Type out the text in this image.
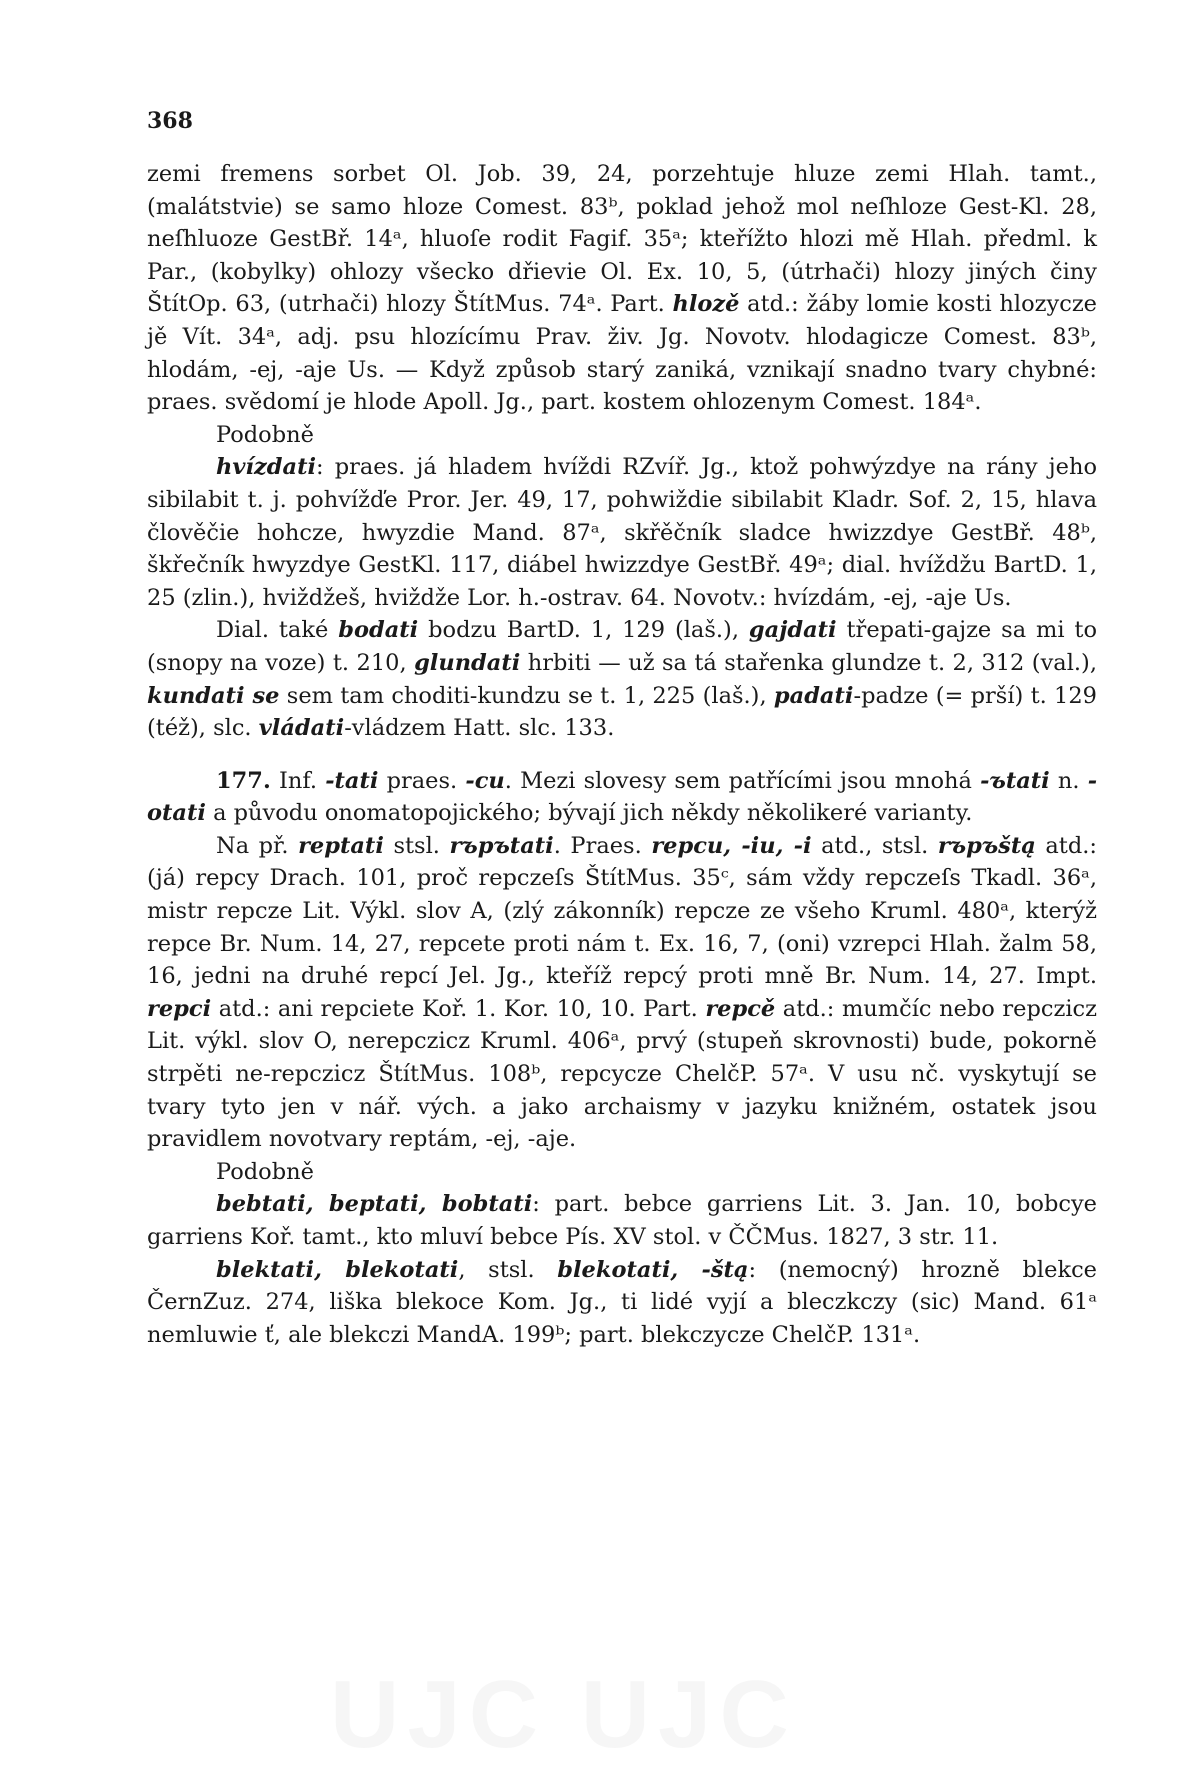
368

zemi fremens sorbet Ol. Job. 39, 24, porzehtuje hluze zemi Hlah. tamt., (malátstvie) se samo hloze Comest. 83ᵇ, poklad jehož mol neſhloze Gest-Kl. 28, neſhluoze GestBř. 14ᵃ, hluoſe rodit Fagif. 35ᵃ; kteřížto hlozi mě Hlah. předml. k Par., (kobylky) ohlozy všecko dřievie Ol. Ex. 10, 5, (útrhači) hlozy jiných činy ŠtítOp. 63, (utrhači) hlozy ŠtítMus. 74ᵃ. Part. hlozě atd.: žáby lomie kosti hlozycze jě Vít. 34ᵃ, adj. psu hlozícímu Prav. živ. Jg. Novotv. hlodagicze Comest. 83ᵇ, hlodám, -ej, -aje Us. — Když způsob starý zaniká, vznikají snadno tvary chybné: praes. svědomí je hlode Apoll. Jg., part. kostem ohlozenym Comest. 184ᵃ.

Podobně

hvízdati: praes. já hladem hvíždi RZvíř. Jg., ktož pohwýzdye na rány jeho sibilabit t. j. pohvížďe Pror. Jer. 49, 17, pohwiždie sibilabit Kladr. Sof. 2, 15, hlava člověčie hohcze, hwyzdie Mand. 87ᵃ, skřěčník sladce hwizzdye GestBř. 48ᵇ, škřečník hwyzdye GestKl. 117, diábel hwizzdye GestBř. 49ᵃ; dial. hvíždžu BartD. 1, 25 (zlin.), hviždžeš, hviždže Lor. h.-ostrav. 64. Novotv.: hvízdám, -ej, -aje Us.

Dial. také bodati bodzu BartD. 1, 129 (laš.), gajdati třepati-gajze sa mi to (snopy na voze) t. 210, glundati hrbiti — už sa tá stařenka glundze t. 2, 312 (val.), kundati se sem tam choditi-kundzu se t. 1, 225 (laš.), padati-padze (= prší) t. 129 (též), slc. vládati-vládzem Hatt. slc. 133.

177. Inf. -tati praes. -cu. Mezi slovesy sem patřícími jsou mnohá -ъtati n. -otati a původu onomatopojického; bývají jich někdy několikeré varianty.

Na př. reptati stsl. rъpъtati. Praes. repcu, -iu, -i atd., stsl. rъpъštą atd.: (já) repcy Drach. 101, proč repczeſs ŠtítMus. 35ᶜ, sám vždy repczeſs Tkadl. 36ᵃ, mistr repcze Lit. Výkl. slov A, (zlý zákonník) repcze ze všeho Kruml. 480ᵃ, kterýž repce Br. Num. 14, 27, repcete proti nám t. Ex. 16, 7, (oni) vzrepci Hlah. žalm 58, 16, jedni na druhé repcí Jel. Jg., kteříž repcý proti mně Br. Num. 14, 27. Impt. repci atd.: ani repciete Koř. 1. Kor. 10, 10. Part. repcě atd.: mumčíc nebo repczicz Lit. výkl. slov O, nerepczicz Kruml. 406ᵃ, prvý (stupeň skrovnosti) bude, pokorně strpěti ne-repczicz ŠtítMus. 108ᵇ, repcycze ChelčP. 57ᵃ. V usu nč. vyskytují se tvary tyto jen v nář. vých. a jako archaismy v jazyku knižném, ostatek jsou pravidlem novotvary reptám, -ej, -aje.

Podobně

bebtati, beptati, bobtati: part. bebce garriens Lit. 3. Jan. 10, bobcye garriens Koř. tamt., kto mluví bebce Pís. XV stol. v ČČMus. 1827, 3 str. 11.

blektati, blekotati, stsl. blekotati, -štą: (nemocný) hrozně blekce ČernZuz. 274, liška blekoce Kom. Jg., ti lidé vyjí a bleczkczy (sic) Mand. 61ᵃ nemluwie ť, ale blekczi MandA. 199ᵇ; part. blekczycze ChelčP. 131ᵃ.
